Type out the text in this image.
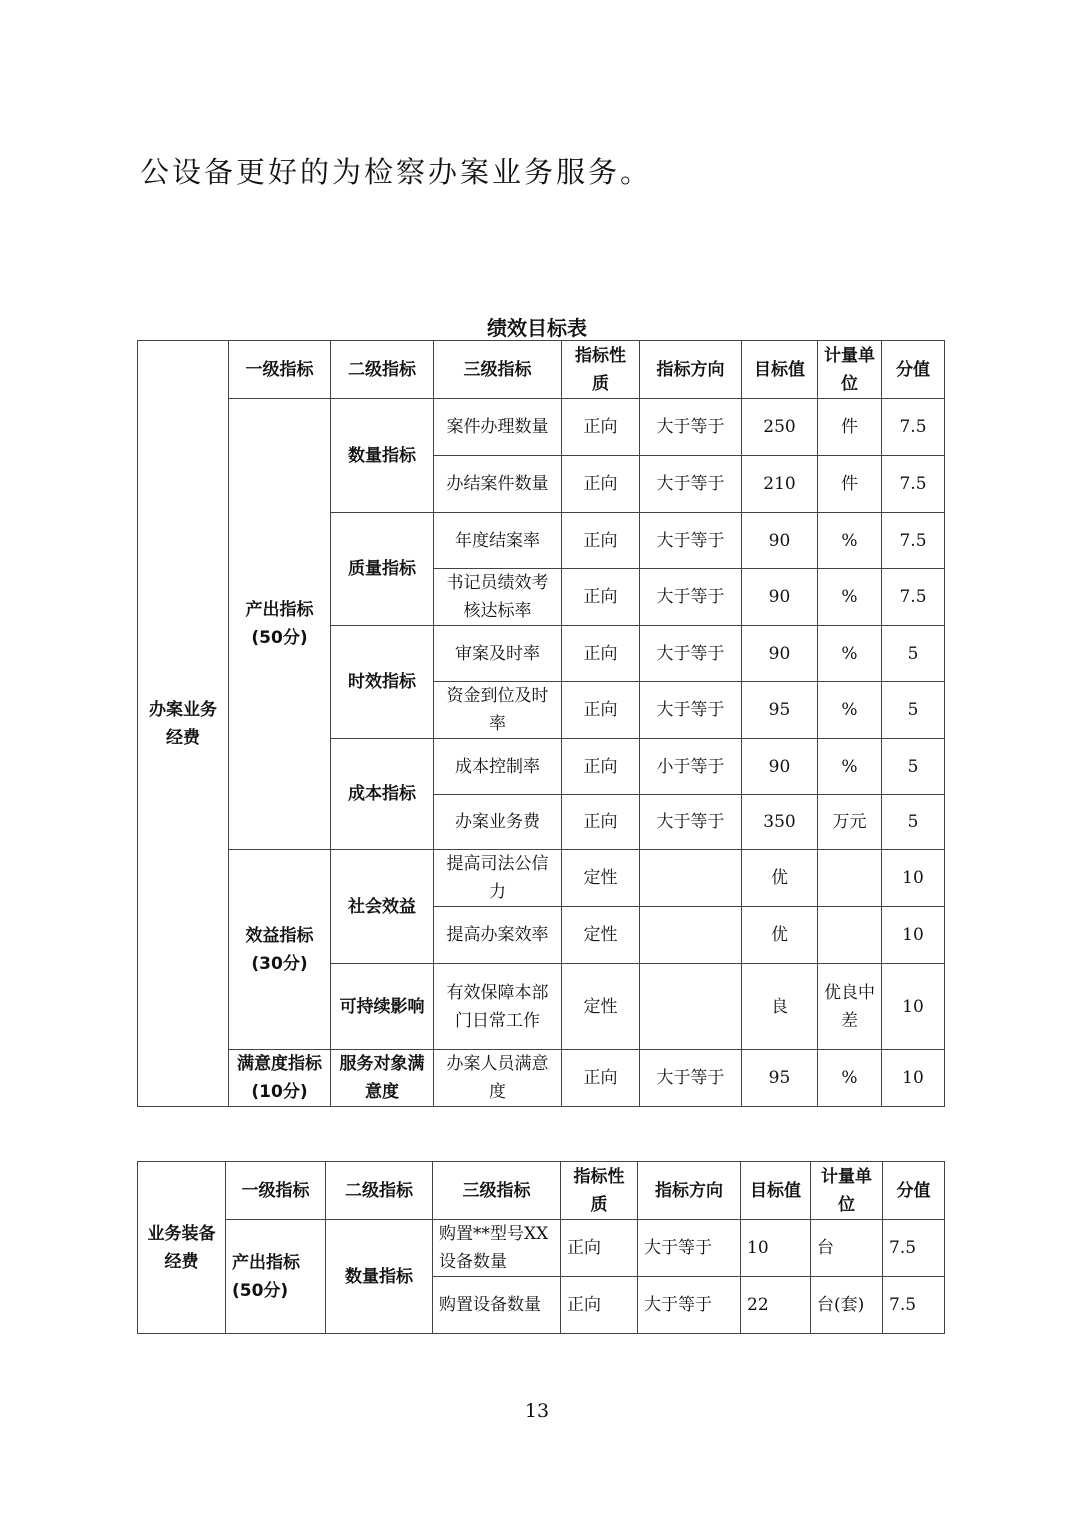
公设备更好的为检察办案业务服务。

绩效目标表
办案业务经费	一级指标	二级指标	三级指标	指标性质	指标方向	目标值	计量单位	分值
	产出指标(50分)	数量指标	案件办理数量	正向	大于等于	250	件	7.5
			办结案件数量	正向	大于等于	210	件	7.5
		质量指标	年度结案率	正向	大于等于	90	%	7.5
			书记员绩效考核达标率	正向	大于等于	90	%	7.5
		时效指标	审案及时率	正向	大于等于	90	%	5
			资金到位及时率	正向	大于等于	95	%	5
		成本指标	成本控制率	正向	小于等于	90	%	5
			办案业务费	正向	大于等于	350	万元	5
	效益指标(30分)	社会效益	提高司法公信力	定性		优		10
			提高办案效率	定性		优		10
		可持续影响	有效保障本部门日常工作	定性		良	优良中差	10
	满意度指标(10分)	服务对象满意度	办案人员满意度	正向	大于等于	95	%	10
业务装备经费	一级指标	二级指标	三级指标	指标性质	指标方向	目标值	计量单位	分值
	产出指标(50分)	数量指标	购置**型号XX设备数量	正向	大于等于	10	台	7.5
			购置设备数量	正向	大于等于	22	台(套)	7.5
13
